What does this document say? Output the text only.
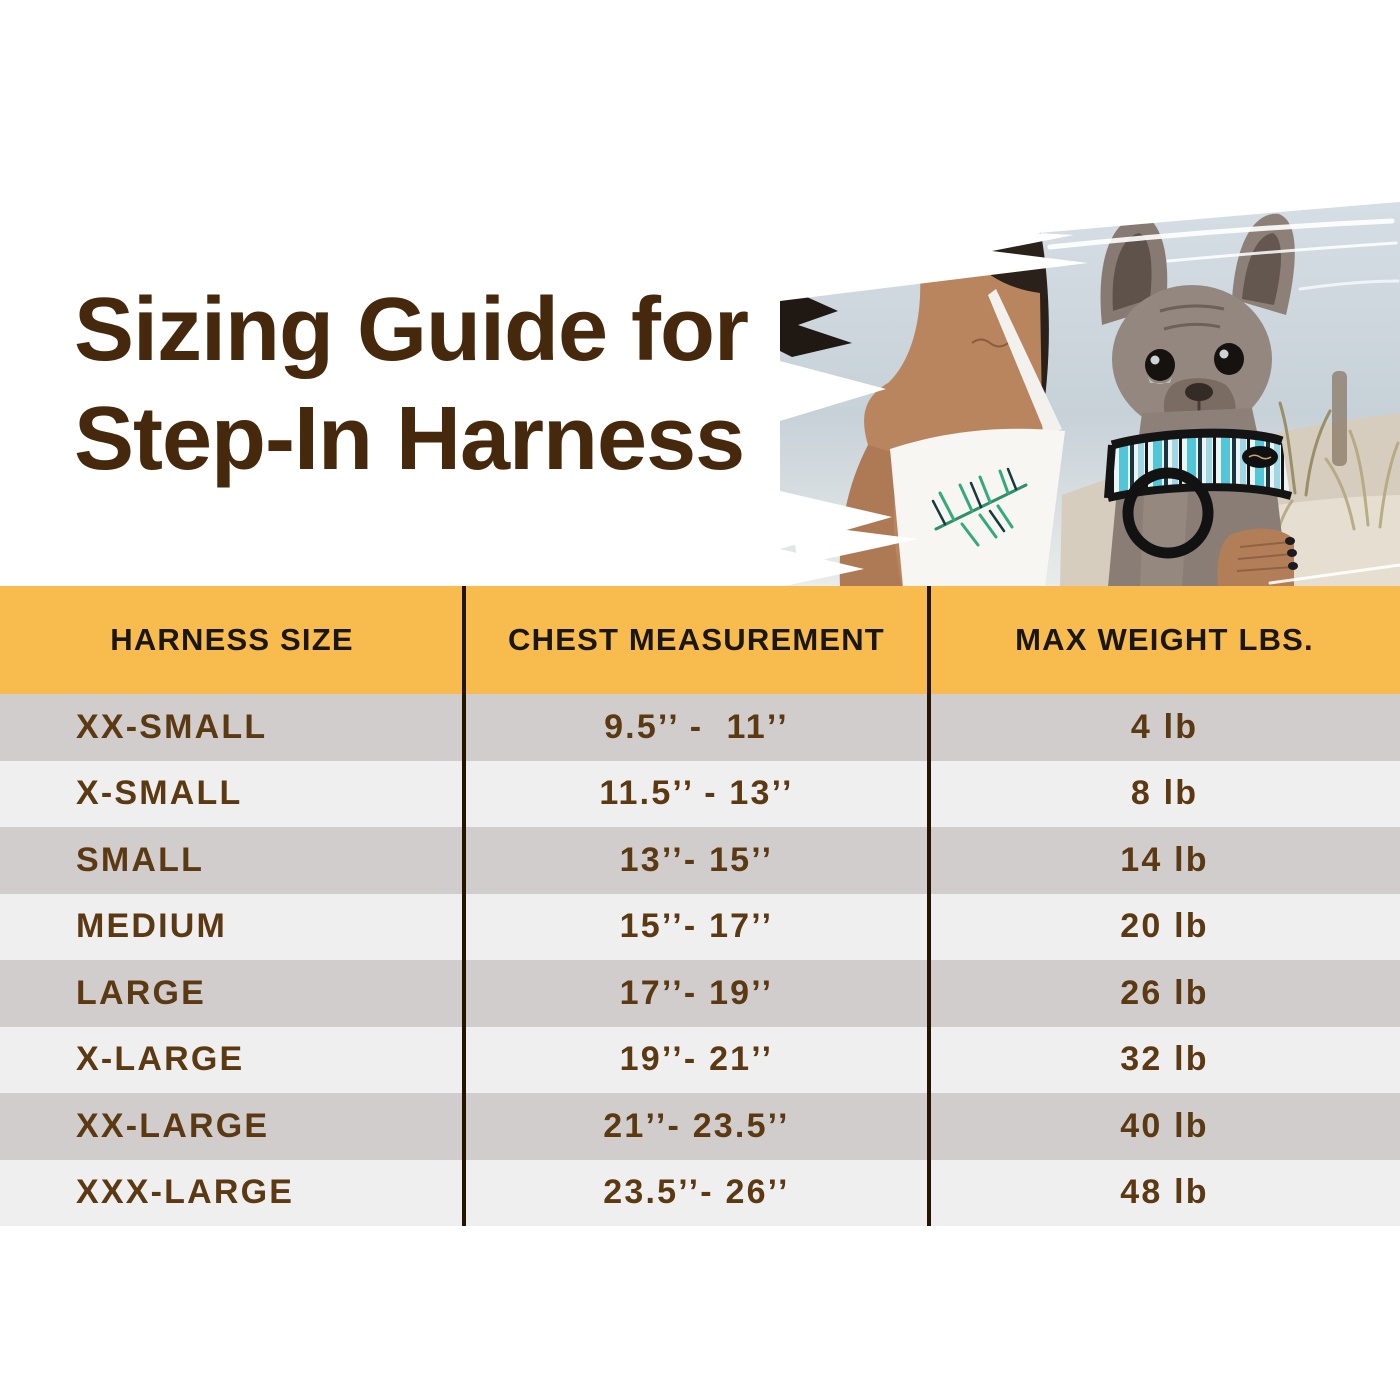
Sizing Guide for
Step-In Harness
HARNESS SIZE	CHEST MEASUREMENT	MAX WEIGHT LBS.
XX-SMALL	9.5’’ -  11’’	4 lb
X-SMALL	11.5’’ - 13’’	8 lb
SMALL	13’’- 15’’	14 lb
MEDIUM	15’’- 17’’	20 lb
LARGE	17’’- 19’’	26 lb
X-LARGE	19’’- 21’’	32 lb
XX-LARGE	21’’- 23.5’’	40 lb
XXX-LARGE	23.5’’- 26’’	48 lb
